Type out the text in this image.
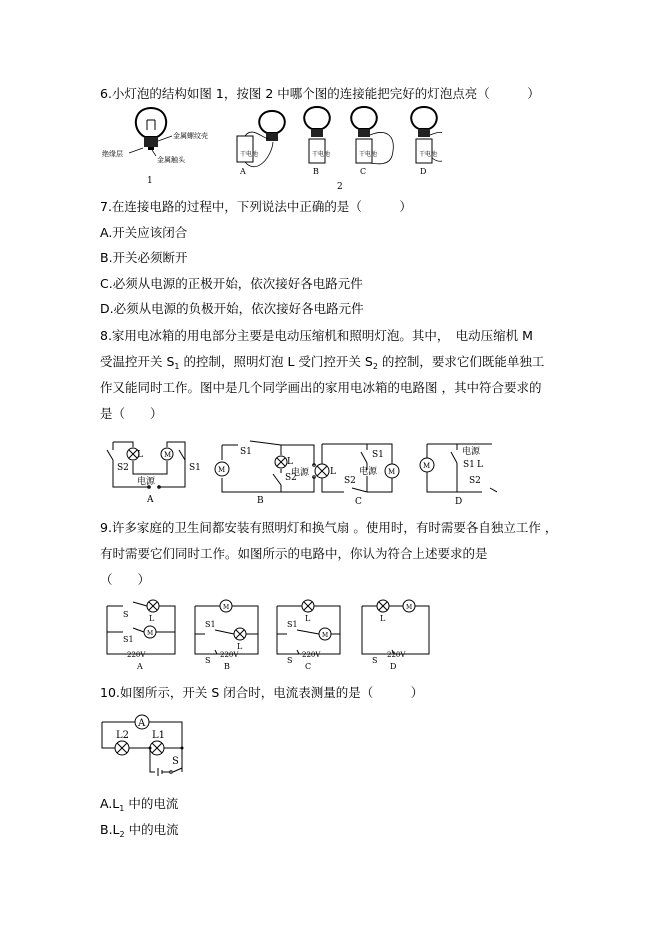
6.小灯泡的结构如图 1，按图 2 中哪个图的连接能把完好的灯泡点亮（　　　）
金属螺纹壳
绝缘层
金属触头
1
干电池
A
干电池
B
干电池
C
干电池
D
2
7.在连接电路的过程中，下列说法中正确的是（　　　）
A.开关应该闭合
B.开关必须断开
C.必须从电源的正极开始，依次接好各电路元件
D.必须从电源的负极开始，依次接好各电路元件
8.家用电冰箱的用电部分主要是电动压缩机和照明灯泡。其中，　电动压缩机 M
受温控开关 $S_1$ 的控制，照明灯泡 L 受门控开关 $S_2$ 的控制，要求它们既能单独工
作又能同时工作。图中是几个同学画出的家用电冰箱的电路图 ，其中符合要求的
是（　　）
L	M
S2	S1
电源
A
M
L
S1
S2
电源
B
L	M
S1
S2
电源
C
M	L
S1
S2
电源
D
9.许多家庭的卫生间都安装有照明灯和换气扇 。使用时，有时需要各自独立工作 ，
有时需要它们同时工作。如图所示的电路中，你认为符合上述要求的是
（　　）
S	L
S1
M
220V
A
M
S1
L
S
220V
B
L
S1
M
S
220V
C
L
M
S
220V
D
10.如图所示，开关 S 闭合时，电流表测量的是（　　　）
A
L2 L1
S
$A.L_1$ 中的电流
$B.L_2$ 中的电流
